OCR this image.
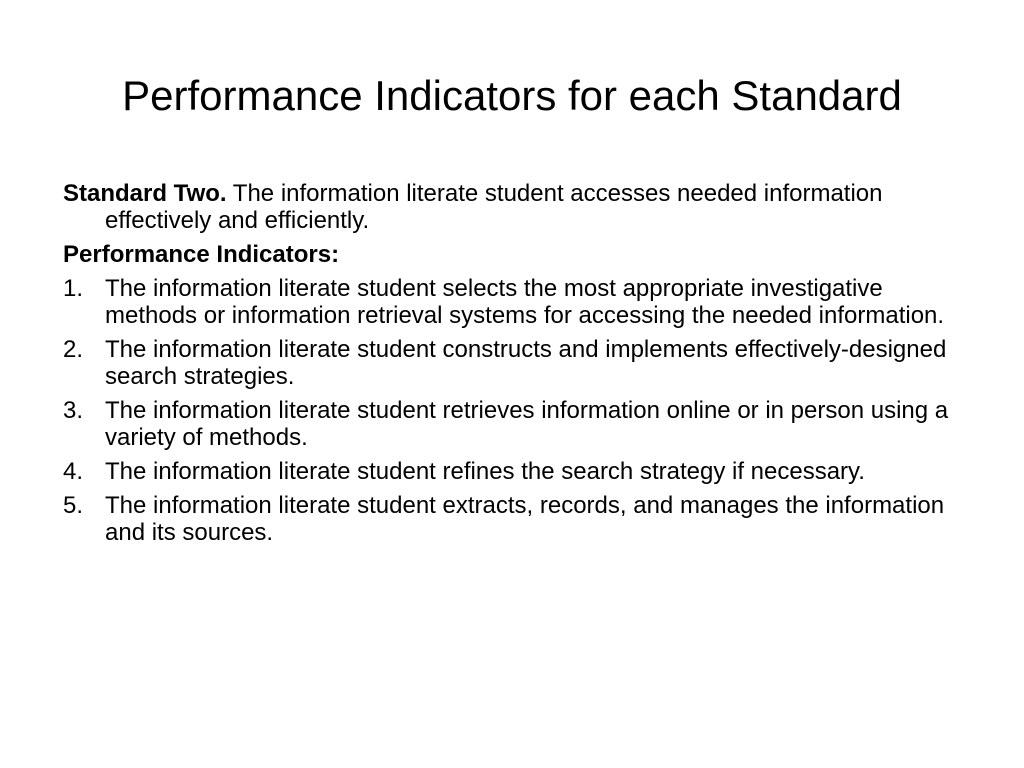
Performance Indicators for each Standard

Standard Two. The information literate student accesses needed information effectively and efficiently.

Performance Indicators:

1. The information literate student selects the most appropriate investigative methods or information retrieval systems for accessing the needed information.
2. The information literate student constructs and implements effectively-designed search strategies.
3. The information literate student retrieves information online or in person using a variety of methods.
4. The information literate student refines the search strategy if necessary.
5. The information literate student extracts, records, and manages the information and its sources.
